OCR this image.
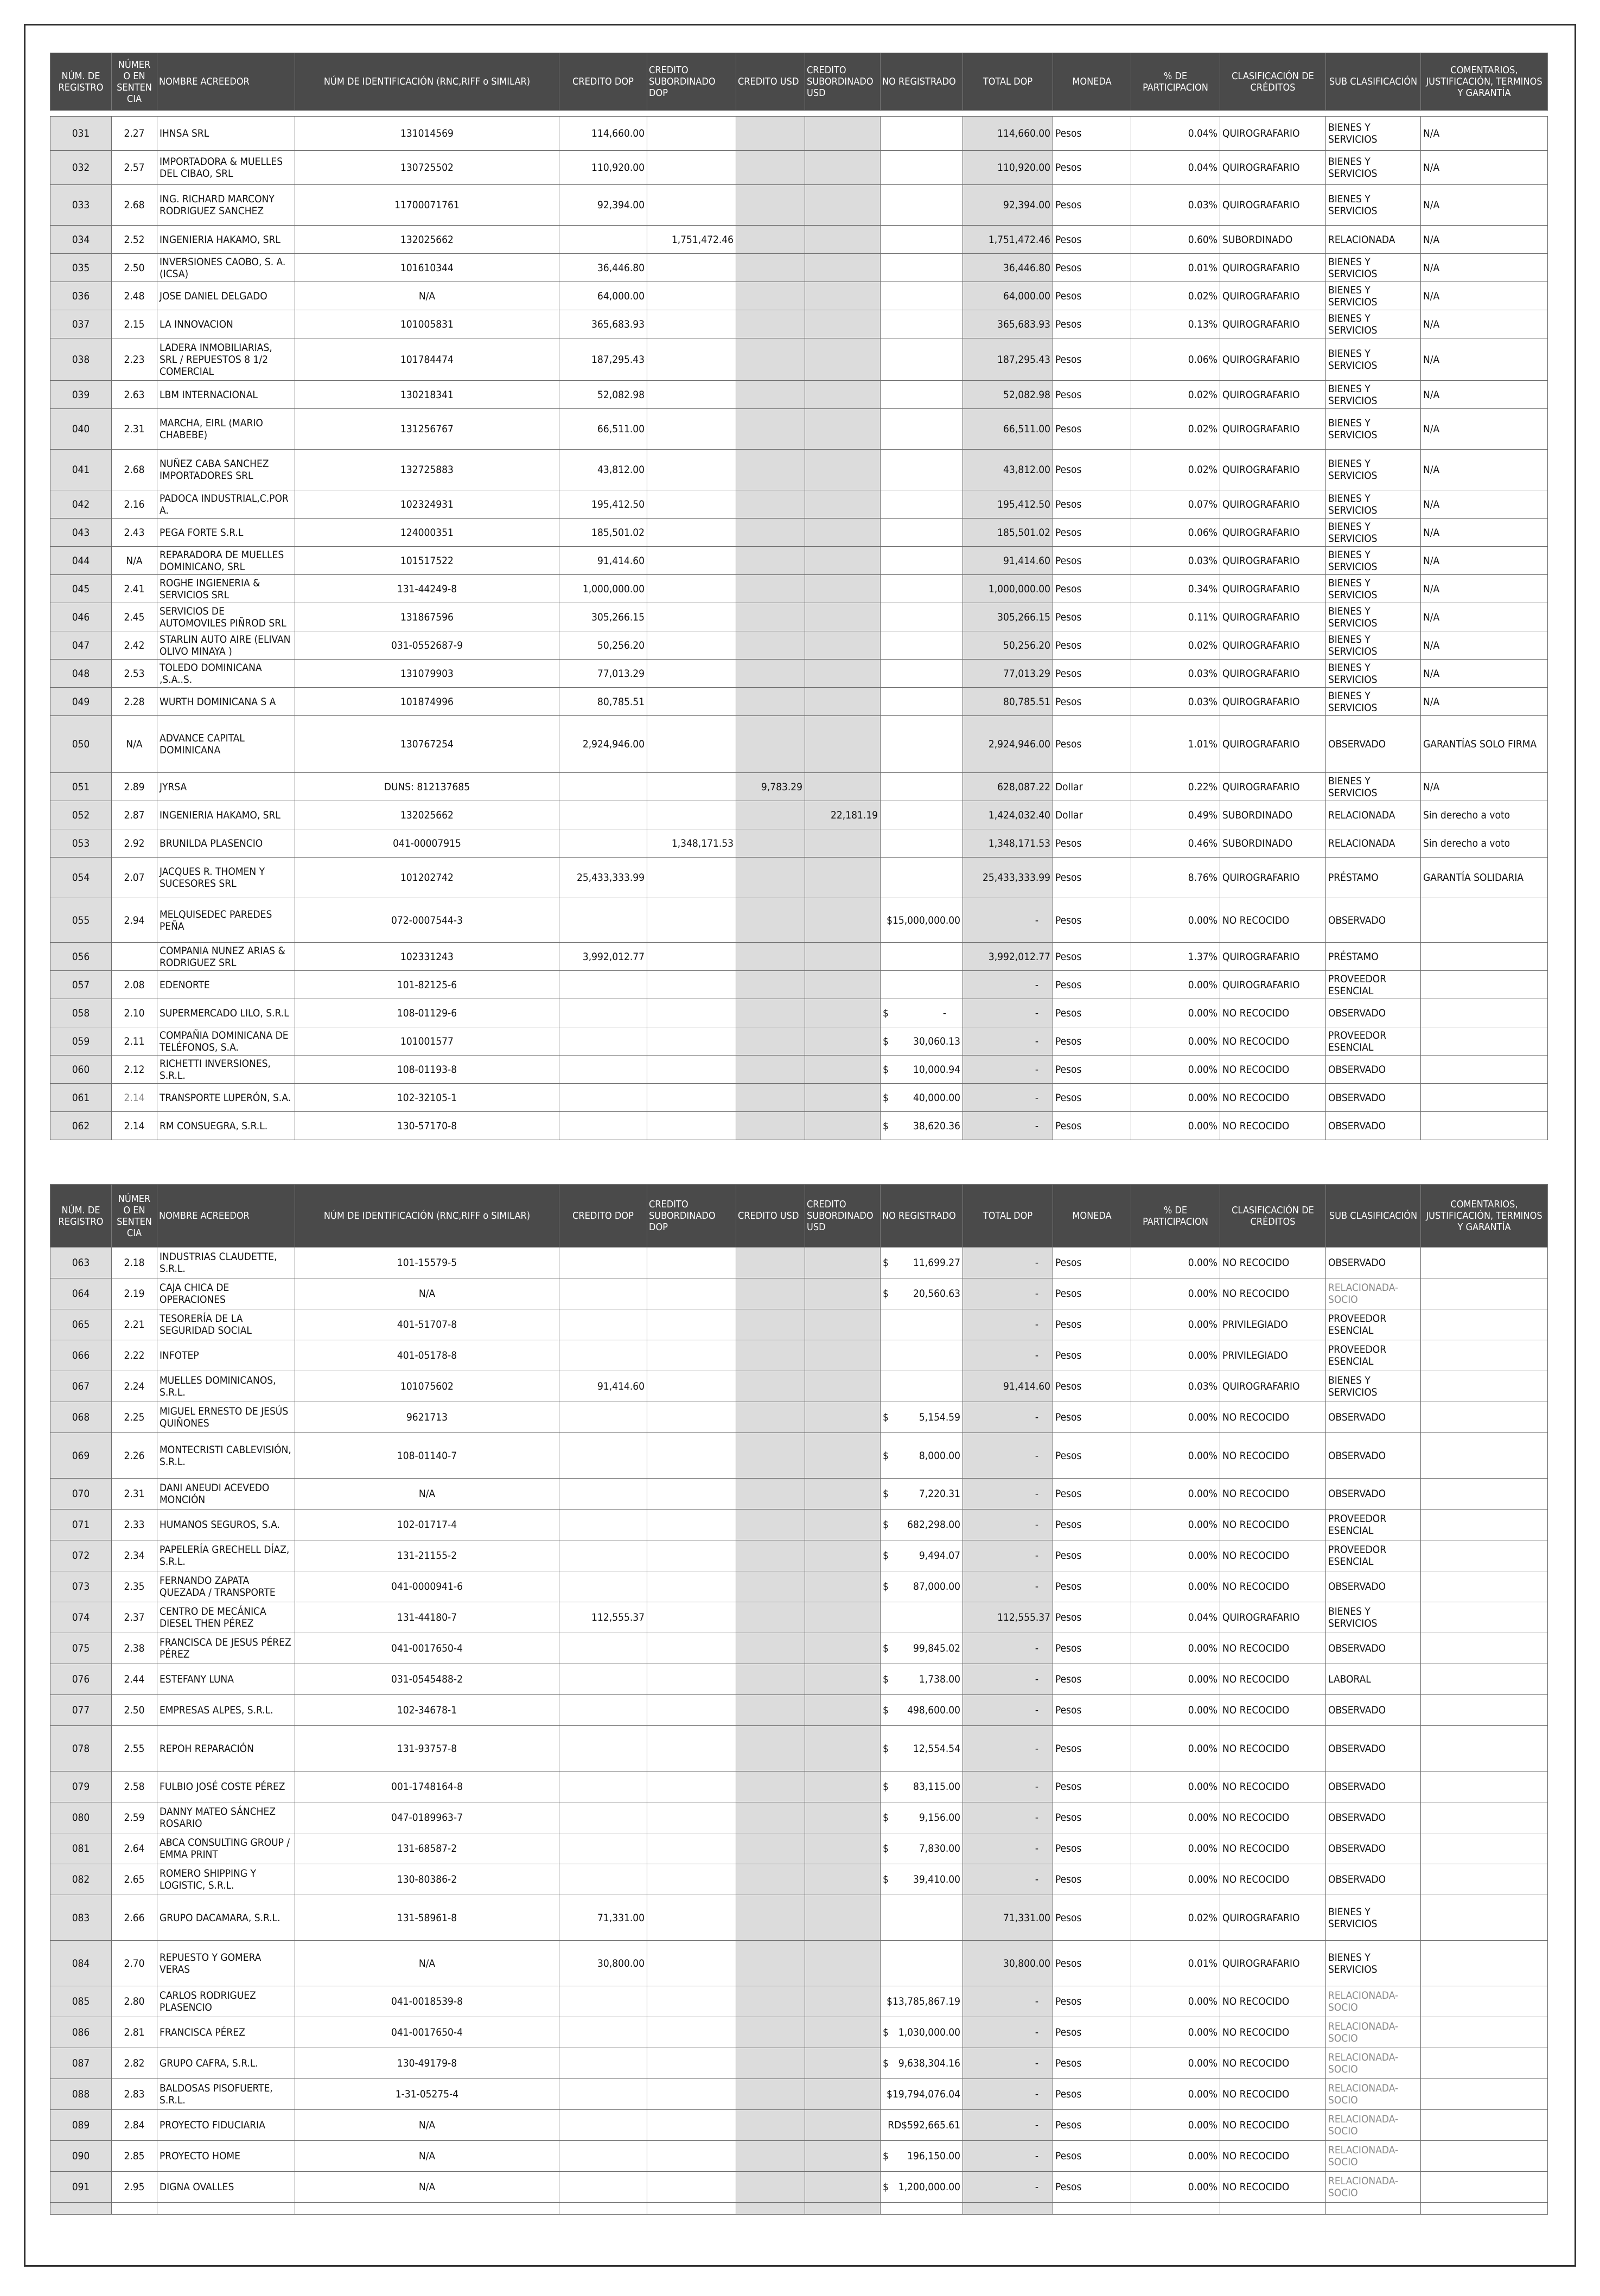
NÚM. DE REGISTRO	NÚMER O EN SENTEN CIA	NOMBRE ACREEDOR	NÚM DE IDENTIFICACIÓN (RNC,RIFF o SIMILAR)	CREDITO DOP	CREDITO SUBORDINADO DOP	CREDITO USD	CREDITO SUBORDINADO USD	NO REGISTRADO	TOTAL DOP	MONEDA	% DE PARTICIPACION	CLASIFICACIÓN DE CRÉDITOS	SUB CLASIFICACIÓN	COMENTARIOS, JUSTIFICACIÓN, TERMINOS Y GARANTÍA

031	2.27	IHNSA SRL	131014569	114,660.00					114,660.00	Pesos	0.04%	QUIROGRAFARIO	BIENES Y SERVICIOS	N/A
032	2.57	IMPORTADORA & MUELLES DEL CIBAO, SRL	130725502	110,920.00					110,920.00	Pesos	0.04%	QUIROGRAFARIO	BIENES Y SERVICIOS	N/A
033	2.68	ING. RICHARD MARCONY RODRIGUEZ SANCHEZ	11700071761	92,394.00					92,394.00	Pesos	0.03%	QUIROGRAFARIO	BIENES Y SERVICIOS	N/A
034	2.52	INGENIERIA HAKAMO, SRL	132025662		1,751,472.46				1,751,472.46	Pesos	0.60%	SUBORDINADO	RELACIONADA	N/A
035	2.50	INVERSIONES CAOBO, S. A. (ICSA)	101610344	36,446.80					36,446.80	Pesos	0.01%	QUIROGRAFARIO	BIENES Y SERVICIOS	N/A
036	2.48	JOSE DANIEL DELGADO	N/A	64,000.00					64,000.00	Pesos	0.02%	QUIROGRAFARIO	BIENES Y SERVICIOS	N/A
037	2.15	LA INNOVACION	101005831	365,683.93					365,683.93	Pesos	0.13%	QUIROGRAFARIO	BIENES Y SERVICIOS	N/A
038	2.23	LADERA INMOBILIARIAS, SRL / REPUESTOS 8 1/2 COMERCIAL	101784474	187,295.43					187,295.43	Pesos	0.06%	QUIROGRAFARIO	BIENES Y SERVICIOS	N/A
039	2.63	LBM INTERNACIONAL	130218341	52,082.98					52,082.98	Pesos	0.02%	QUIROGRAFARIO	BIENES Y SERVICIOS	N/A
040	2.31	MARCHA, EIRL (MARIO CHABEBE)	131256767	66,511.00					66,511.00	Pesos	0.02%	QUIROGRAFARIO	BIENES Y SERVICIOS	N/A
041	2.68	NUÑEZ CABA SANCHEZ IMPORTADORES SRL	132725883	43,812.00					43,812.00	Pesos	0.02%	QUIROGRAFARIO	BIENES Y SERVICIOS	N/A
042	2.16	PADOCA INDUSTRIAL,C.POR A.	102324931	195,412.50					195,412.50	Pesos	0.07%	QUIROGRAFARIO	BIENES Y SERVICIOS	N/A
043	2.43	PEGA FORTE S.R.L	124000351	185,501.02					185,501.02	Pesos	0.06%	QUIROGRAFARIO	BIENES Y SERVICIOS	N/A
044	N/A	REPARADORA DE MUELLES DOMINICANO, SRL	101517522	91,414.60					91,414.60	Pesos	0.03%	QUIROGRAFARIO	BIENES Y SERVICIOS	N/A
045	2.41	ROGHE INGIENERIA & SERVICIOS SRL	131-44249-8	1,000,000.00					1,000,000.00	Pesos	0.34%	QUIROGRAFARIO	BIENES Y SERVICIOS	N/A
046	2.45	SERVICIOS DE AUTOMOVILES PIÑROD SRL	131867596	305,266.15					305,266.15	Pesos	0.11%	QUIROGRAFARIO	BIENES Y SERVICIOS	N/A
047	2.42	STARLIN AUTO AIRE (ELIVAN OLIVO MINAYA )	031-0552687-9	50,256.20					50,256.20	Pesos	0.02%	QUIROGRAFARIO	BIENES Y SERVICIOS	N/A
048	2.53	TOLEDO DOMINICANA ,S.A..S.	131079903	77,013.29					77,013.29	Pesos	0.03%	QUIROGRAFARIO	BIENES Y SERVICIOS	N/A
049	2.28	WURTH DOMINICANA S A	101874996	80,785.51					80,785.51	Pesos	0.03%	QUIROGRAFARIO	BIENES Y SERVICIOS	N/A
050	N/A	ADVANCE CAPITAL DOMINICANA	130767254	2,924,946.00					2,924,946.00	Pesos	1.01%	QUIROGRAFARIO	OBSERVADO	GARANTÍAS SOLO FIRMA
051	2.89	JYRSA	DUNS: 812137685			9,783.29			628,087.22	Dollar	0.22%	QUIROGRAFARIO	BIENES Y SERVICIOS	N/A
052	2.87	INGENIERIA HAKAMO, SRL	132025662				22,181.19		1,424,032.40	Dollar	0.49%	SUBORDINADO	RELACIONADA	Sin derecho a voto
053	2.92	BRUNILDA PLASENCIO	041-00007915		1,348,171.53				1,348,171.53	Pesos	0.46%	SUBORDINADO	RELACIONADA	Sin derecho a voto
054	2.07	JACQUES R. THOMEN Y SUCESORES SRL	101202742	25,433,333.99					25,433,333.99	Pesos	8.76%	QUIROGRAFARIO	PRÉSTAMO	GARANTÍA SOLIDARIA
055	2.94	MELQUISEDEC PAREDES PEÑA	072-0007544-3					$15,000,000.00	-	Pesos	0.00%	NO RECOCIDO	OBSERVADO	
056		COMPANIA NUNEZ ARIAS & RODRIGUEZ SRL	102331243	3,992,012.77					3,992,012.77	Pesos	1.37%	QUIROGRAFARIO	PRÉSTAMO	
057	2.08	EDENORTE	101-82125-6						-	Pesos	0.00%	QUIROGRAFARIO	PROVEEDOR ESENCIAL	
058	2.10	SUPERMERCADO LILO, S.R.L	108-01129-6					$ -	-	Pesos	0.00%	NO RECOCIDO	OBSERVADO	
059	2.11	COMPAÑIA DOMINICANA DE TELÉFONOS, S.A.	101001577					$ 30,060.13	-	Pesos	0.00%	NO RECOCIDO	PROVEEDOR ESENCIAL	
060	2.12	RICHETTI INVERSIONES, S.R.L.	108-01193-8					$ 10,000.94	-	Pesos	0.00%	NO RECOCIDO	OBSERVADO	
061	2.14	TRANSPORTE LUPERÓN, S.A.	102-32105-1					$ 40,000.00	-	Pesos	0.00%	NO RECOCIDO	OBSERVADO	
062	2.14	RM CONSUEGRA, S.R.L.	130-57170-8					$ 38,620.36	-	Pesos	0.00%	NO RECOCIDO	OBSERVADO	
NÚM. DE REGISTRO	NÚMER O EN SENTEN CIA	NOMBRE ACREEDOR	NÚM DE IDENTIFICACIÓN (RNC,RIFF o SIMILAR)	CREDITO DOP	CREDITO SUBORDINADO DOP	CREDITO USD	CREDITO SUBORDINADO USD	NO REGISTRADO	TOTAL DOP	MONEDA	% DE PARTICIPACION	CLASIFICACIÓN DE CRÉDITOS	SUB CLASIFICACIÓN	COMENTARIOS, JUSTIFICACIÓN, TERMINOS Y GARANTÍA
063	2.18	INDUSTRIAS CLAUDETTE, S.R.L.	101-15579-5					$ 11,699.27	-	Pesos	0.00%	NO RECOCIDO	OBSERVADO	
064	2.19	CAJA CHICA DE OPERACIONES	N/A					$ 20,560.63	-	Pesos	0.00%	NO RECOCIDO	RELACIONADA-SOCIO	
065	2.21	TESORERÍA DE LA SEGURIDAD SOCIAL	401-51707-8						-	Pesos	0.00%	PRIVILEGIADO	PROVEEDOR ESENCIAL	
066	2.22	INFOTEP	401-05178-8						-	Pesos	0.00%	PRIVILEGIADO	PROVEEDOR ESENCIAL	
067	2.24	MUELLES DOMINICANOS, S.R.L.	101075602	91,414.60					91,414.60	Pesos	0.03%	QUIROGRAFARIO	BIENES Y SERVICIOS	
068	2.25	MIGUEL ERNESTO DE JESÚS QUIÑONES	9621713					$ 5,154.59	-	Pesos	0.00%	NO RECOCIDO	OBSERVADO	
069	2.26	MONTECRISTI CABLEVISIÓN, S.R.L.	108-01140-7					$ 8,000.00	-	Pesos	0.00%	NO RECOCIDO	OBSERVADO	
070	2.31	DANI ANEUDI ACEVEDO MONCIÓN	N/A					$ 7,220.31	-	Pesos	0.00%	NO RECOCIDO	OBSERVADO	
071	2.33	HUMANOS SEGUROS, S.A.	102-01717-4					$ 682,298.00	-	Pesos	0.00%	NO RECOCIDO	PROVEEDOR ESENCIAL	
072	2.34	PAPELERÍA GRECHELL DÍAZ, S.R.L.	131-21155-2					$ 9,494.07	-	Pesos	0.00%	NO RECOCIDO	PROVEEDOR ESENCIAL	
073	2.35	FERNANDO ZAPATA QUEZADA / TRANSPORTE	041-0000941-6					$ 87,000.00	-	Pesos	0.00%	NO RECOCIDO	OBSERVADO	
074	2.37	CENTRO DE MECÁNICA DIESEL THEN PÉREZ	131-44180-7	112,555.37					112,555.37	Pesos	0.04%	QUIROGRAFARIO	BIENES Y SERVICIOS	
075	2.38	FRANCISCA DE JESUS PÉREZ PÉREZ	041-0017650-4					$ 99,845.02	-	Pesos	0.00%	NO RECOCIDO	OBSERVADO	
076	2.44	ESTEFANY LUNA	031-0545488-2					$ 1,738.00	-	Pesos	0.00%	NO RECOCIDO	LABORAL	
077	2.50	EMPRESAS ALPES, S.R.L.	102-34678-1					$ 498,600.00	-	Pesos	0.00%	NO RECOCIDO	OBSERVADO	
078	2.55	REPOH REPARACIÓN	131-93757-8					$ 12,554.54	-	Pesos	0.00%	NO RECOCIDO	OBSERVADO	
079	2.58	FULBIO JOSÉ COSTE PÉREZ	001-1748164-8					$ 83,115.00	-	Pesos	0.00%	NO RECOCIDO	OBSERVADO	
080	2.59	DANNY MATEO SÁNCHEZ ROSARIO	047-0189963-7					$ 9,156.00	-	Pesos	0.00%	NO RECOCIDO	OBSERVADO	
081	2.64	ABCA CONSULTING GROUP / EMMA PRINT	131-68587-2					$ 7,830.00	-	Pesos	0.00%	NO RECOCIDO	OBSERVADO	
082	2.65	ROMERO SHIPPING Y LOGISTIC, S.R.L.	130-80386-2					$ 39,410.00	-	Pesos	0.00%	NO RECOCIDO	OBSERVADO	
083	2.66	GRUPO DACAMARA, S.R.L.	131-58961-8	71,331.00					71,331.00	Pesos	0.02%	QUIROGRAFARIO	BIENES Y SERVICIOS	
084	2.70	REPUESTO Y GOMERA VERAS	N/A	30,800.00					30,800.00	Pesos	0.01%	QUIROGRAFARIO	BIENES Y SERVICIOS	
085	2.80	CARLOS RODRIGUEZ PLASENCIO	041-0018539-8					$13,785,867.19	-	Pesos	0.00%	NO RECOCIDO	RELACIONADA-SOCIO	
086	2.81	FRANCISCA PÉREZ	041-0017650-4					$ 1,030,000.00	-	Pesos	0.00%	NO RECOCIDO	RELACIONADA-SOCIO	
087	2.82	GRUPO CAFRA, S.R.L.	130-49179-8					$ 9,638,304.16	-	Pesos	0.00%	NO RECOCIDO	RELACIONADA-SOCIO	
088	2.83	BALDOSAS PISOFUERTE, S.R.L.	1-31-05275-4					$19,794,076.04	-	Pesos	0.00%	NO RECOCIDO	RELACIONADA-SOCIO	
089	2.84	PROYECTO FIDUCIARIA	N/A					RD$592,665.61	-	Pesos	0.00%	NO RECOCIDO	RELACIONADA-SOCIO	
090	2.85	PROYECTO HOME	N/A					$ 196,150.00	-	Pesos	0.00%	NO RECOCIDO	RELACIONADA-SOCIO	
091	2.95	DIGNA OVALLES	N/A					$ 1,200,000.00	-	Pesos	0.00%	NO RECOCIDO	RELACIONADA-SOCIO	
